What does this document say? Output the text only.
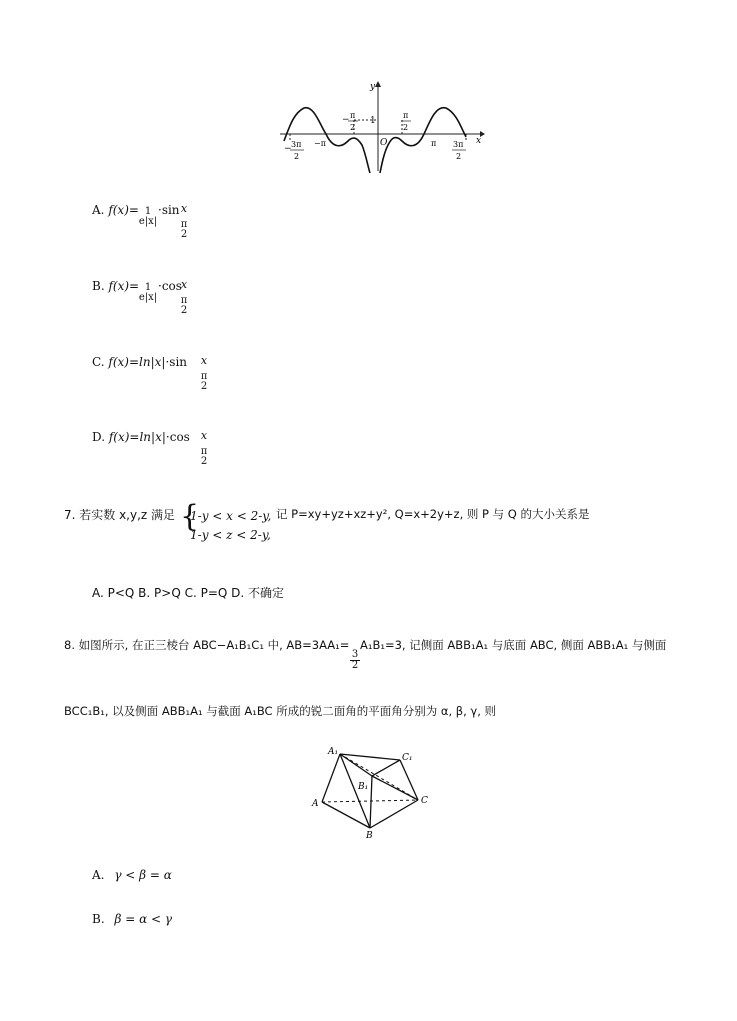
y
x
O
1
− π
2
π
2
−π	π
− 3π
2
3π
2
A. f(x)= 1
e|x|
·sin x
π
2
B. f(x)= 1
e|x|
·cos
x
π
2
C. f(x)=ln|x|·sin	x
π
2
D. f(x)=ln|x|·cos	x
π
2
7. 若实数 x,y,z 满足 {
1-y < x < 2-y,
1-y < z < 2-y,
记 P=xy+yz+xz+y², Q=x+2y+z, 则 P 与 Q 的大小关系是
A. P<Q B. P>Q C. P=Q D. 不确定
8. 如图所示, 在正三棱台 ABC−A₁B₁C₁ 中, AB=3AA₁=
$\frac{3}{2}$
A₁B₁=3, 记侧面 ABB₁A₁ 与底面 ABC, 侧面 ABB₁A₁ 与侧面
BCC₁B₁, 以及侧面 ABB₁A₁ 与截面 A₁BC 所成的锐二面角的平面角分别为 α, β, γ, 则
A₁
C₁
B₁
A
B
C
A. γ < β = α
B. β = α < γ
